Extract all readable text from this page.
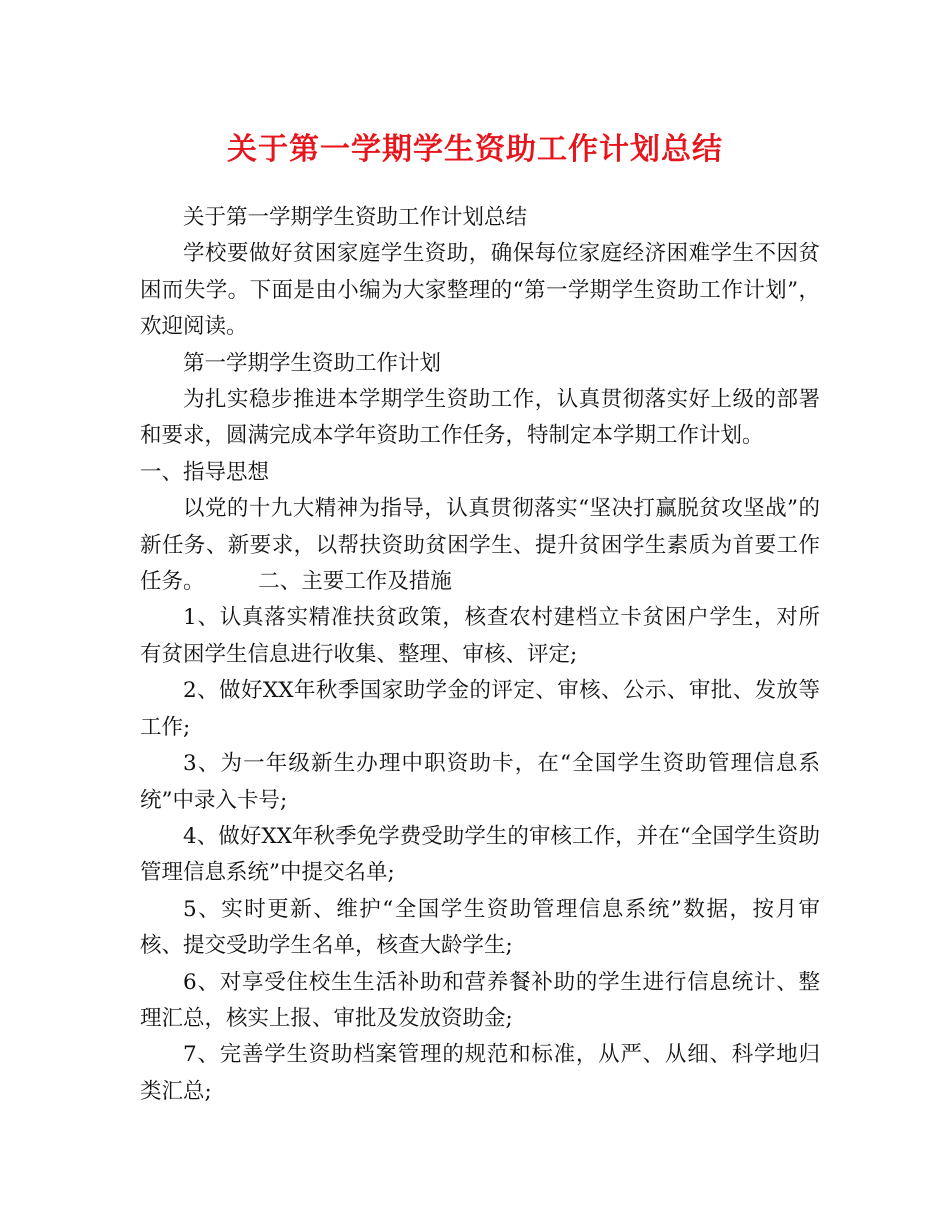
关于第一学期学生资助工作计划总结

关于第一学期学生资助工作计划总结

学校要做好贫困家庭学生资助，确保每位家庭经济困难学生不因贫困而失学。下面是由小编为大家整理的“第一学期学生资助工作计划”，欢迎阅读。

第一学期学生资助工作计划

为扎实稳步推进本学期学生资助工作，认真贯彻落实好上级的部署和要求，圆满完成本学年资助工作任务，特制定本学期工作计划。

一、指导思想

以党的十九大精神为指导，认真贯彻落实“坚决打赢脱贫攻坚战”的新任务、新要求，以帮扶资助贫困学生、提升贫困学生素质为首要工作任务。　　　二、主要工作及措施

1、认真落实精准扶贫政策，核查农村建档立卡贫困户学生，对所有贫困学生信息进行收集、整理、审核、评定;

2、做好XX年秋季国家助学金的评定、审核、公示、审批、发放等工作;

3、为一年级新生办理中职资助卡，在“全国学生资助管理信息系统”中录入卡号;

4、做好XX年秋季免学费受助学生的审核工作，并在“全国学生资助管理信息系统”中提交名单;

5、实时更新、维护“全国学生资助管理信息系统”数据，按月审核、提交受助学生名单，核查大龄学生;

6、对享受住校生生活补助和营养餐补助的学生进行信息统计、整理汇总，核实上报、审批及发放资助金;

7、完善学生资助档案管理的规范和标准，从严、从细、科学地归类汇总;
